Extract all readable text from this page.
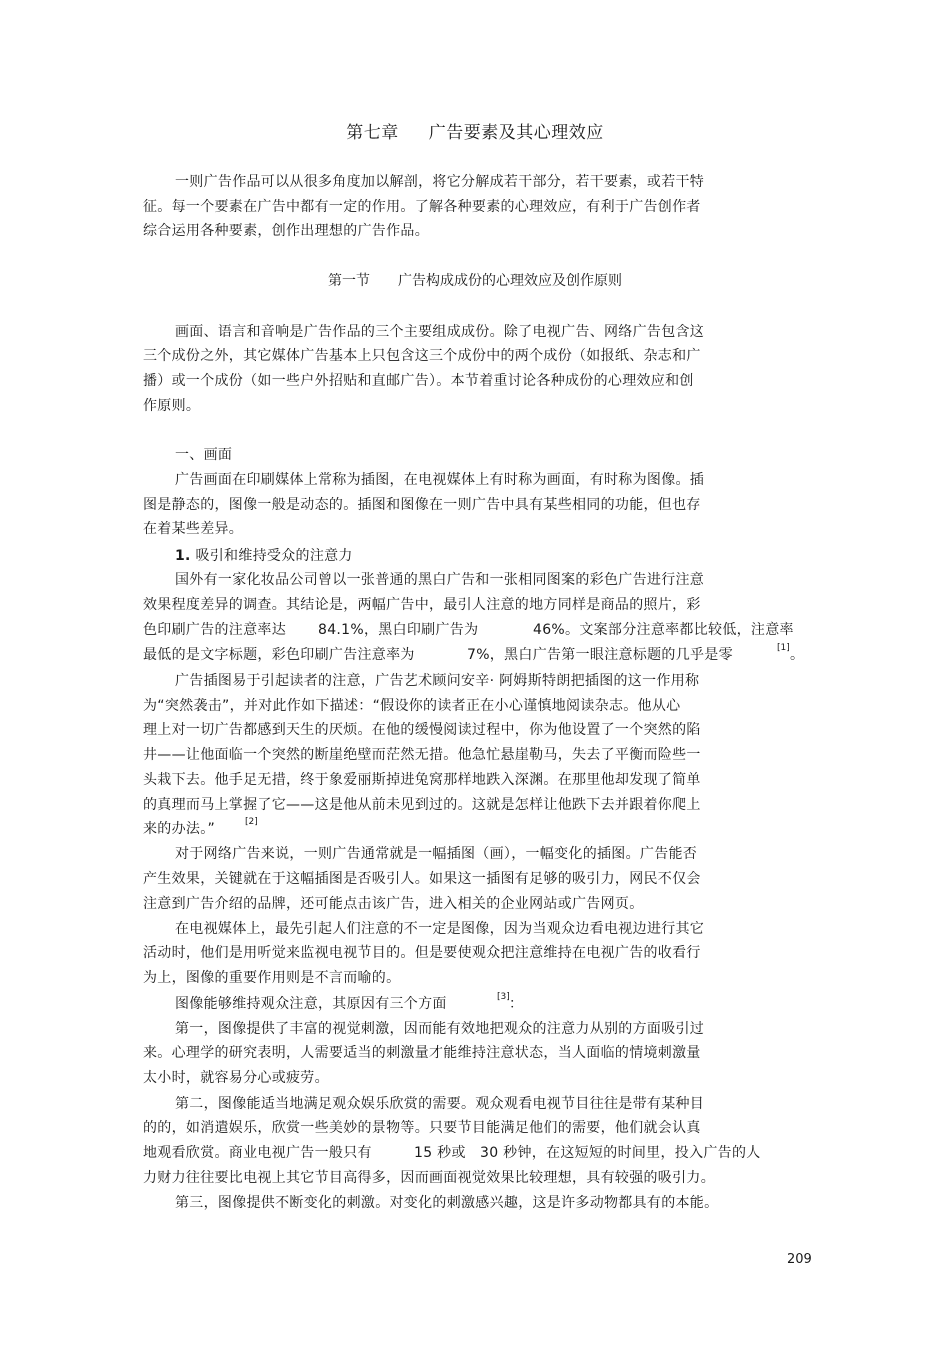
第七章 广告要素及其心理效应
一则广告作品可以从很多角度加以解剖，将它分解成若干部分，若干要素，或若干特
征。每一个要素在广告中都有一定的作用。了解各种要素的心理效应，有利于广告创作者
综合运用各种要素，创作出理想的广告作品。
第一节 广告构成成份的心理效应及创作原则
画面、语言和音响是广告作品的三个主要组成成份。除了电视广告、网络广告包含这
三个成份之外，其它媒体广告基本上只包含这三个成份中的两个成份（如报纸、杂志和广
播）或一个成份（如一些户外招贴和直邮广告）。本节着重讨论各种成份的心理效应和创
作原则。
一、画面
广告画面在印刷媒体上常称为插图，在电视媒体上有时称为画面，有时称为图像。插
图是静态的，图像一般是动态的。插图和图像在一则广告中具有某些相同的功能，但也存
在着某些差异。
1. 吸引和维持受众的注意力
国外有一家化妆品公司曾以一张普通的黑白广告和一张相同图案的彩色广告进行注意
效果程度差异的调查。其结论是，两幅广告中，最引人注意的地方同样是商品的照片，彩
色印刷广告的注意率达 84.1%，黑白印刷广告为	46%。文案部分注意率都比较低，注意率
最低的是文字标题，彩色印刷广告注意率为	7%，黑白广告第一眼注意标题的几乎是零	[1] 。
广告插图易于引起读者的注意，广告艺术顾问安辛· 阿姆斯特朗把插图的这一作用称
为“突然袭击”，并对此作如下描述：“假设你的读者正在小心谨慎地阅读杂志。他从心
理上对一切广告都感到天生的厌烦。在他的缓慢阅读过程中，你为他设置了一个突然的陷
井——让他面临一个突然的断崖绝壁而茫然无措。他急忙悬崖勒马，失去了平衡而险些一
头栽下去。他手足无措，终于象爱丽斯掉进兔窝那样地跌入深渊。在那里他却发现了简单
的真理而马上掌握了它——这是他从前未见到过的。这就是怎样让他跌下去并跟着你爬上
来的办法。”	[2]
对于网络广告来说，一则广告通常就是一幅插图（画），一幅变化的插图。广告能否
产生效果，关键就在于这幅插图是否吸引人。如果这一插图有足够的吸引力，网民不仅会
注意到广告介绍的品牌，还可能点击该广告，进入相关的企业网站或广告网页。
在电视媒体上，最先引起人们注意的不一定是图像，因为当观众边看电视边进行其它
活动时，他们是用听觉来监视电视节目的。但是要使观众把注意维持在电视广告的收看行
为上，图像的重要作用则是不言而喻的。
图像能够维持观众注意，其原因有三个方面	[3] ：
第一，图像提供了丰富的视觉刺激，因而能有效地把观众的注意力从别的方面吸引过
来。心理学的研究表明，人需要适当的刺激量才能维持注意状态，当人面临的情境刺激量
太小时，就容易分心或疲劳。
第二，图像能适当地满足观众娱乐欣赏的需要。观众观看电视节目往往是带有某种目
的的，如消遣娱乐，欣赏一些美妙的景物等。只要节目能满足他们的需要，他们就会认真
地观看欣赏。商业电视广告一般只有	15 秒或 30 秒钟，在这短短的时间里，投入广告的人
力财力往往要比电视上其它节目高得多，因而画面视觉效果比较理想，具有较强的吸引力。
第三，图像提供不断变化的刺激。对变化的刺激感兴趣，这是许多动物都具有的本能。
209
